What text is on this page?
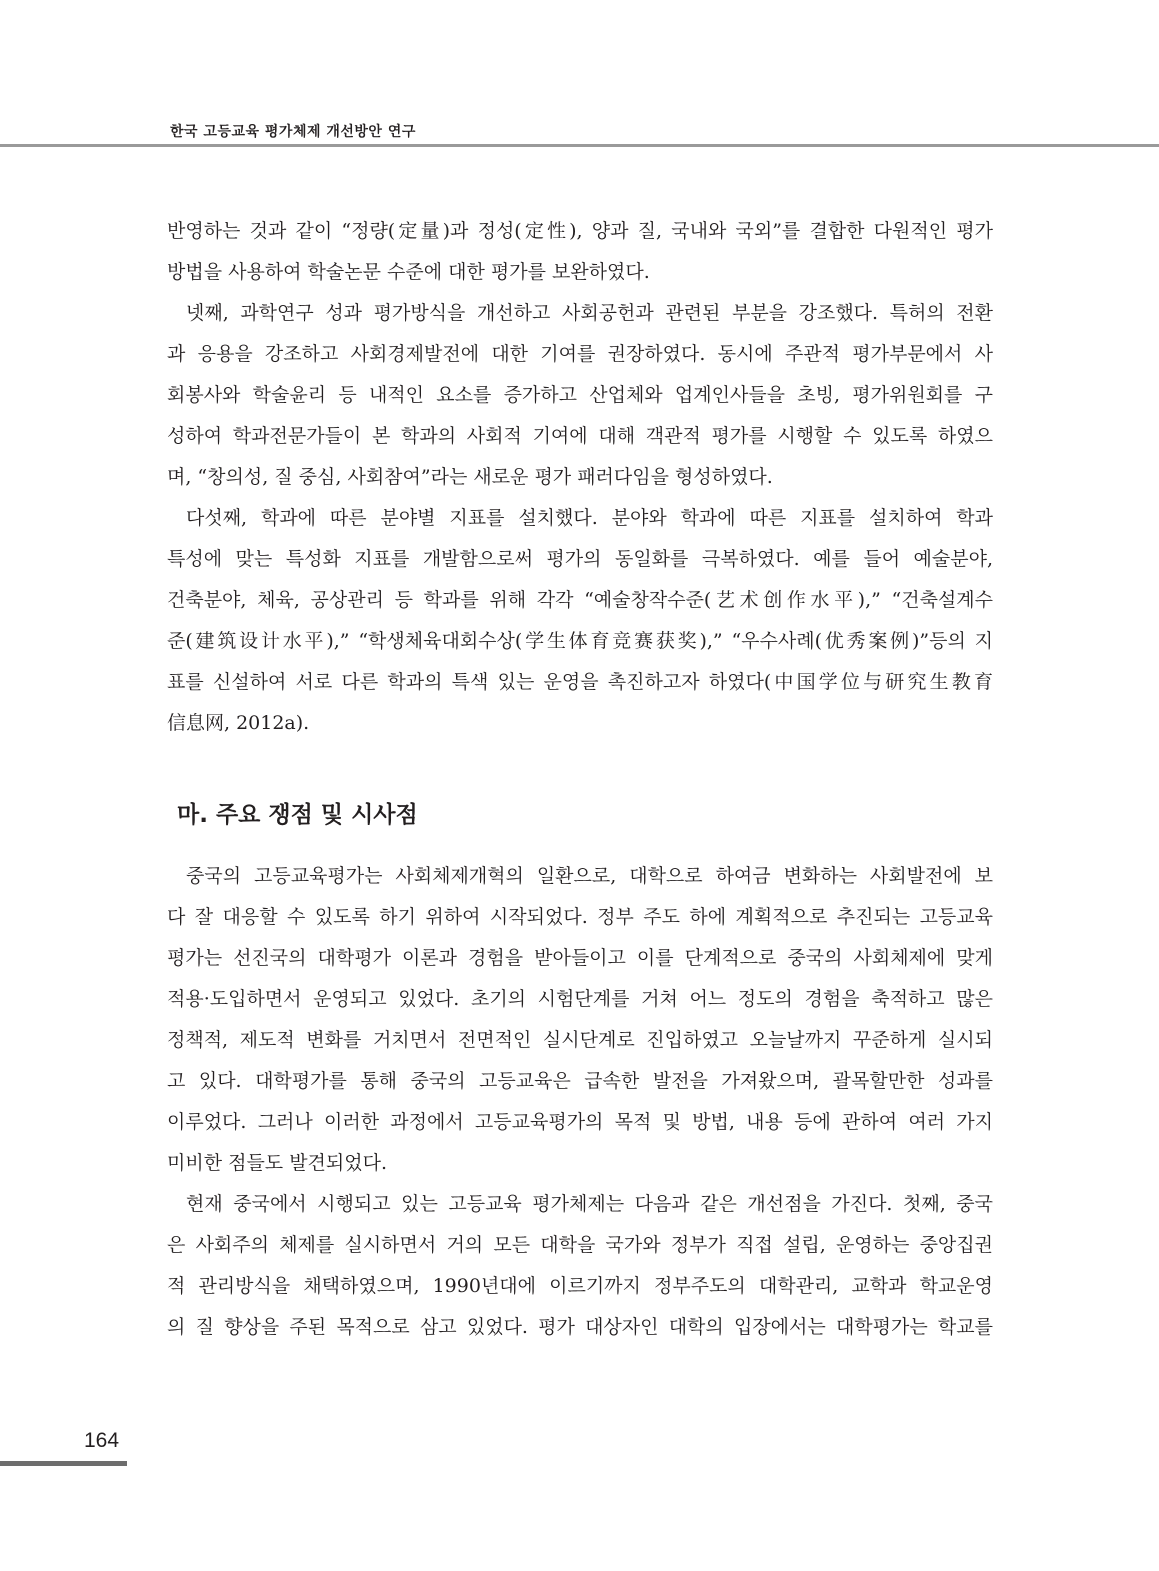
한국 고등교육 평가체제 개선방안 연구
반영하는 것과 같이 “정량(定量)과 정성(定性), 양과 질, 국내와 국외”를 결합한 다원적인 평가
방법을 사용하여 학술논문 수준에 대한 평가를 보완하였다.
넷째, 과학연구 성과 평가방식을 개선하고 사회공헌과 관련된 부분을 강조했다. 특허의 전환
과 응용을 강조하고 사회경제발전에 대한 기여를 권장하였다. 동시에 주관적 평가부문에서 사
회봉사와 학술윤리 등 내적인 요소를 증가하고 산업체와 업계인사들을 초빙, 평가위원회를 구
성하여 학과전문가들이 본 학과의 사회적 기여에 대해 객관적 평가를 시행할 수 있도록 하였으
며, “창의성, 질 중심, 사회참여”라는 새로운 평가 패러다임을 형성하였다.
다섯째, 학과에 따른 분야별 지표를 설치했다. 분야와 학과에 따른 지표를 설치하여 학과
특성에 맞는 특성화 지표를 개발함으로써 평가의 동일화를 극복하였다. 예를 들어 예술분야,
건축분야, 체육, 공상관리 등 학과를 위해 각각 “예술창작수준(艺术创作水平),” “건축설계수
준(建筑设计水平),” “학생체육대회수상(学生体育竞赛获奖),” “우수사례(优秀案例)”등의 지
표를 신설하여 서로 다른 학과의 특색 있는 운영을 촉진하고자 하였다(中国学位与研究生教育
信息网, 2012a).
마. 주요 쟁점 및 시사점
중국의 고등교육평가는 사회체제개혁의 일환으로, 대학으로 하여금 변화하는 사회발전에 보
다 잘 대응할 수 있도록 하기 위하여 시작되었다. 정부 주도 하에 계획적으로 추진되는 고등교육
평가는 선진국의 대학평가 이론과 경험을 받아들이고 이를 단계적으로 중국의 사회체제에 맞게
적용·도입하면서 운영되고 있었다. 초기의 시험단계를 거쳐 어느 정도의 경험을 축적하고 많은
정책적, 제도적 변화를 거치면서 전면적인 실시단계로 진입하였고 오늘날까지 꾸준하게 실시되
고 있다. 대학평가를 통해 중국의 고등교육은 급속한 발전을 가져왔으며, 괄목할만한 성과를
이루었다. 그러나 이러한 과정에서 고등교육평가의 목적 및 방법, 내용 등에 관하여 여러 가지
미비한 점들도 발견되었다.
현재 중국에서 시행되고 있는 고등교육 평가체제는 다음과 같은 개선점을 가진다. 첫째, 중국
은 사회주의 체제를 실시하면서 거의 모든 대학을 국가와 정부가 직접 설립, 운영하는 중앙집권
적 관리방식을 채택하였으며, 1990년대에 이르기까지 정부주도의 대학관리, 교학과 학교운영
의 질 향상을 주된 목적으로 삼고 있었다. 평가 대상자인 대학의 입장에서는 대학평가는 학교를
164
